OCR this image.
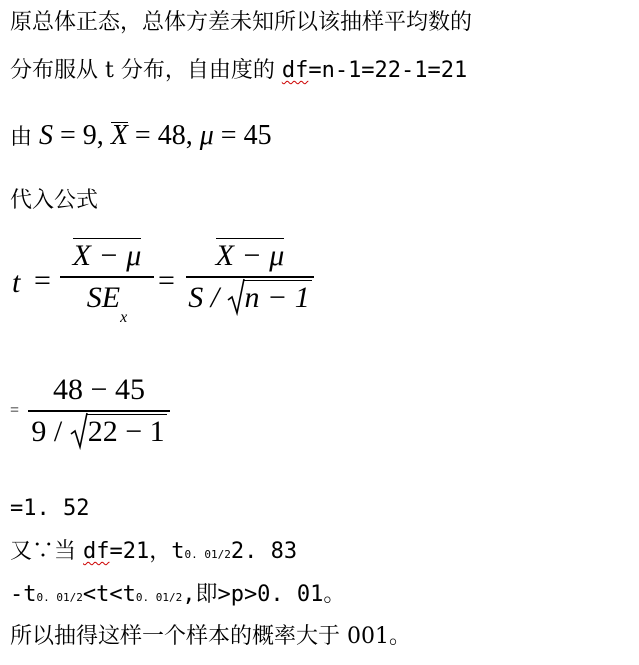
原总体正态，总体方差未知所以该抽样平均数的
分布服从 t 分布，自由度的 df=n-1=22-1=21
由 S = 9, X = 48, μ = 45
代入公式
t =
X − μ
$SE_x$
=
X − μ
S / n − 1
=
48 − 45
9 / 22 − 1
=1. 52
又∵当 df=21，t0. 01/22. 83
-t0. 01/2<t<t0. 01/2,即>p>0. 01。
所以抽得这样一个样本的概率大于 001。
